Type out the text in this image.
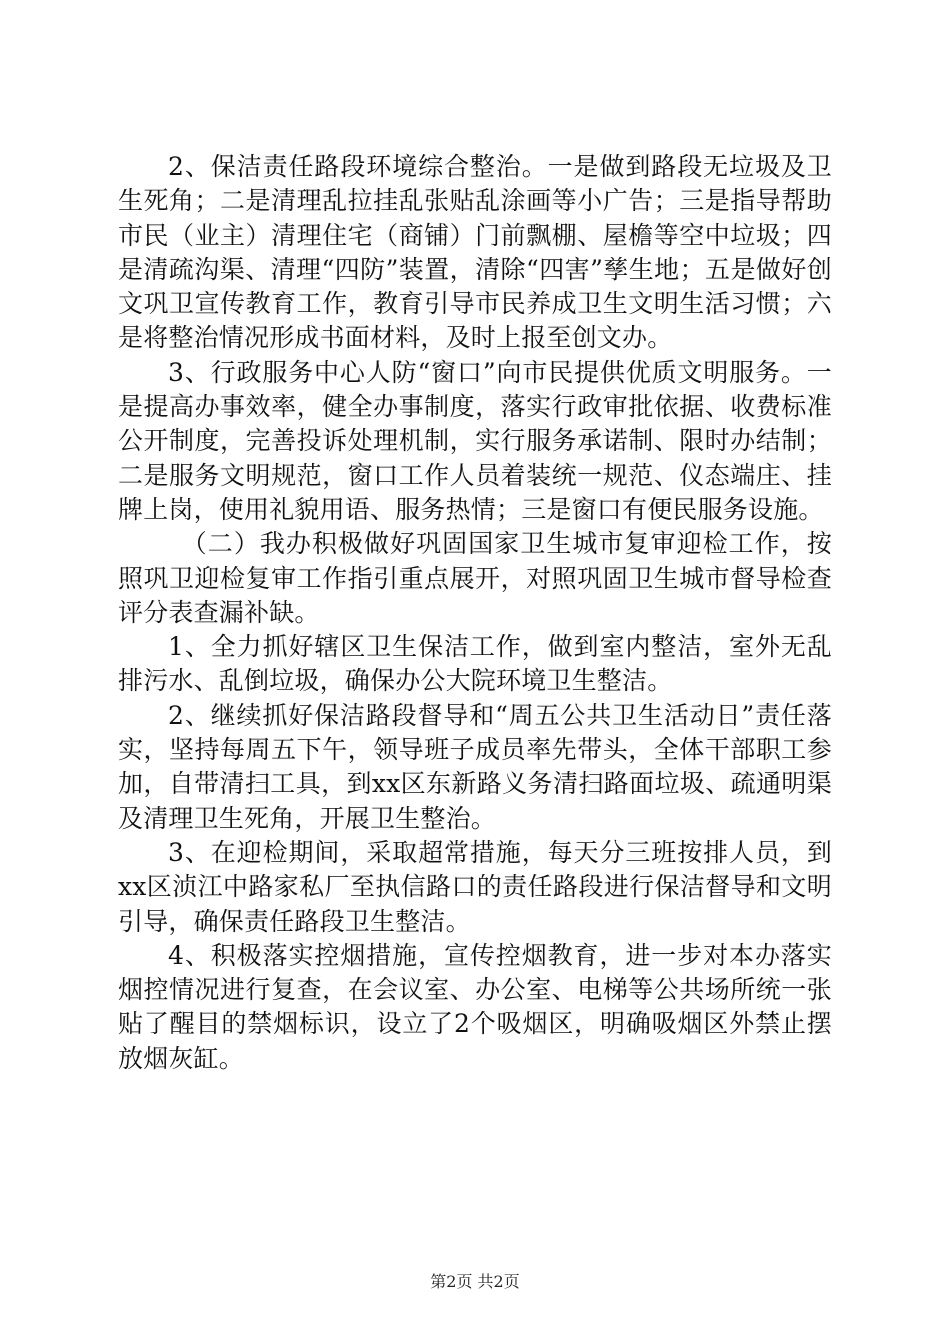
2、保洁责任路段环境综合整治。一是做到路段无垃圾及卫生死角；二是清理乱拉挂乱张贴乱涂画等小广告；三是指导帮助市民（业主）清理住宅（商铺）门前飘棚、屋檐等空中垃圾；四是清疏沟渠、清理“四防”装置，清除“四害”孳生地；五是做好创文巩卫宣传教育工作，教育引导市民养成卫生文明生活习惯；六是将整治情况形成书面材料，及时上报至创文办。

3、行政服务中心人防“窗口”向市民提供优质文明服务。一是提高办事效率，健全办事制度，落实行政审批依据、收费标准公开制度，完善投诉处理机制，实行服务承诺制、限时办结制；二是服务文明规范，窗口工作人员着装统一规范、仪态端庄、挂牌上岗，使用礼貌用语、服务热情；三是窗口有便民服务设施。

（二）我办积极做好巩固国家卫生城市复审迎检工作，按照巩卫迎检复审工作指引重点展开，对照巩固卫生城市督导检查评分表查漏补缺。

1、全力抓好辖区卫生保洁工作，做到室内整洁，室外无乱排污水、乱倒垃圾，确保办公大院环境卫生整洁。

2、继续抓好保洁路段督导和“周五公共卫生活动日”责任落实，坚持每周五下午，领导班子成员率先带头，全体干部职工参加，自带清扫工具，到xx区东新路义务清扫路面垃圾、疏通明渠及清理卫生死角，开展卫生整治。

3、在迎检期间，采取超常措施，每天分三班按排人员，到xx区浈江中路家私厂至执信路口的责任路段进行保洁督导和文明引导，确保责任路段卫生整洁。

4、积极落实控烟措施，宣传控烟教育，进一步对本办落实烟控情况进行复查，在会议室、办公室、电梯等公共场所统一张贴了醒目的禁烟标识，设立了2个吸烟区，明确吸烟区外禁止摆放烟灰缸。

第2页 共2页
